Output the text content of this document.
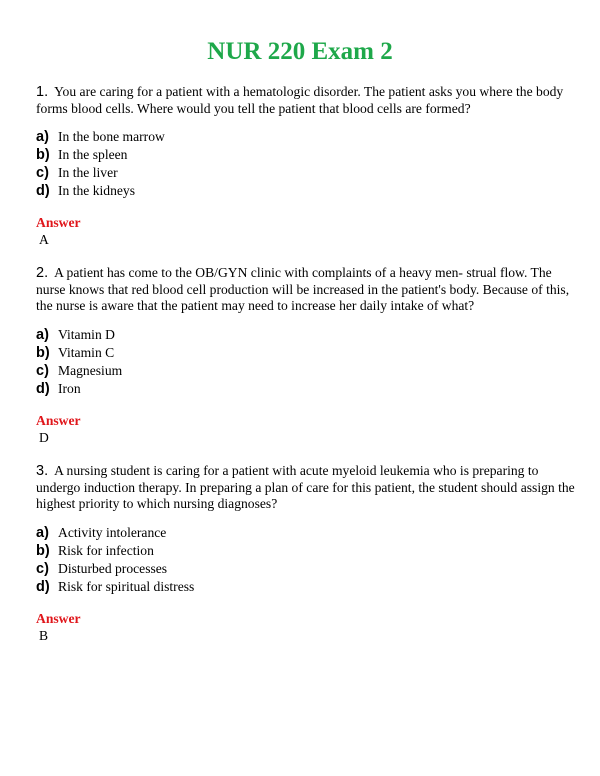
NUR 220 Exam 2
1. You are caring for a patient with a hematologic disorder. The patient asks you where the body forms blood cells. Where would you tell the patient that blood cells are formed?
a) In the bone marrow
b) In the spleen
c) In the liver
d) In the kidneys
Answer
A
2. A patient has come to the OB/GYN clinic with complaints of a heavy men- strual flow. The nurse knows that red blood cell production will be increased in the patient's body. Because of this, the nurse is aware that the patient may need to increase her daily intake of what?
a) Vitamin D
b) Vitamin C
c) Magnesium
d) Iron
Answer
D
3. A nursing student is caring for a patient with acute myeloid leukemia who is preparing to undergo induction therapy. In preparing a plan of care for this patient, the student should assign the highest priority to which nursing diagnoses?
a) Activity intolerance
b) Risk for infection
c) Disturbed processes
d) Risk for spiritual distress
Answer
B
